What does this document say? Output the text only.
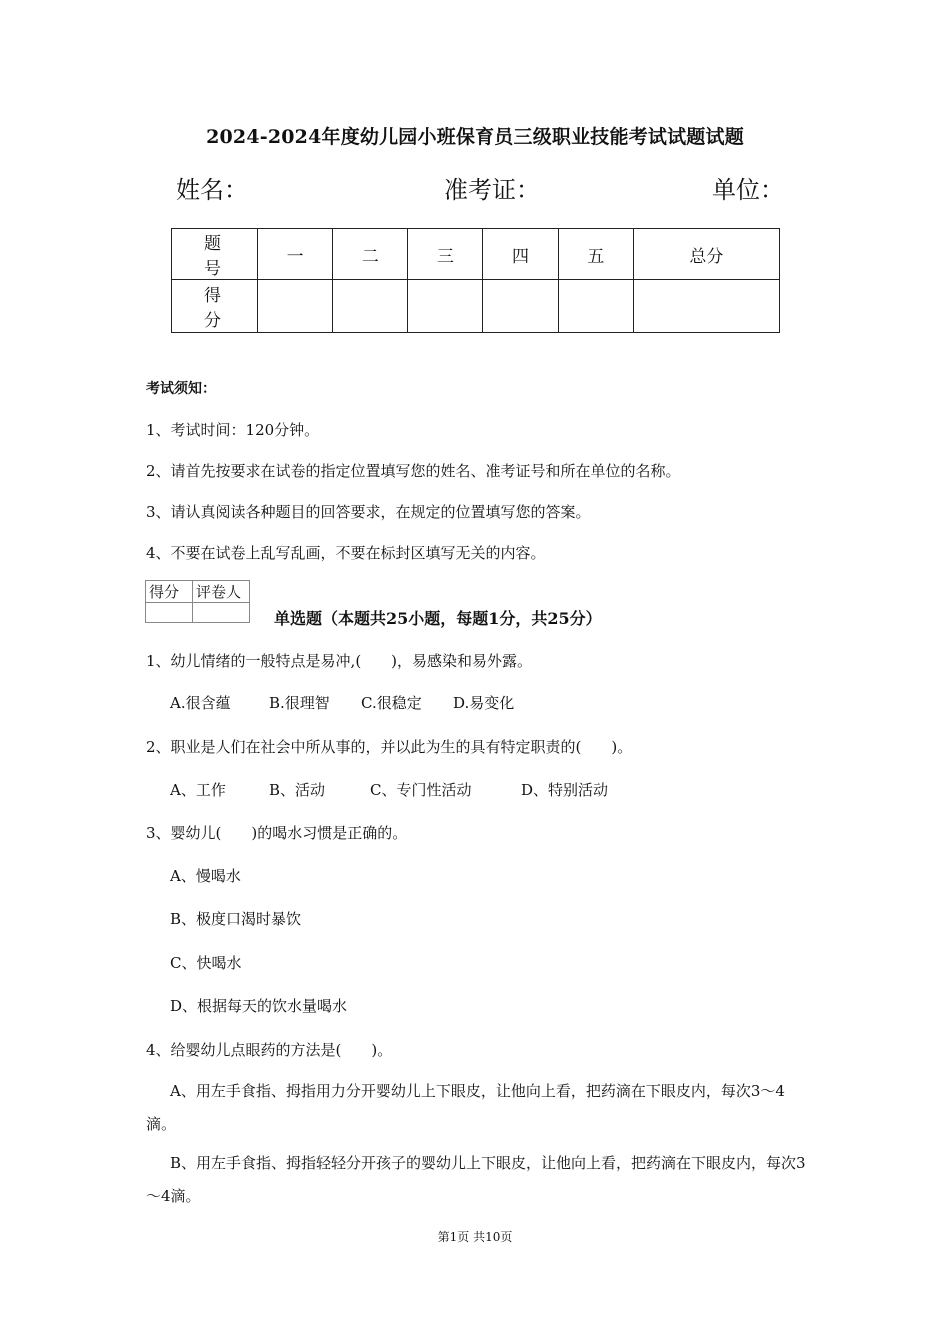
2024-2024年度幼儿园小班保育员三级职业技能考试试题试题
姓名：	准考证：	单位：
题　号	一	二	三	四	五	总分
得　分						
考试须知：
1、考试时间：120分钟。
2、请首先按要求在试卷的指定位置填写您的姓名、准考证号和所在单位的名称。
3、请认真阅读各种题目的回答要求，在规定的位置填写您的答案。
4、不要在试卷上乱写乱画，不要在标封区填写无关的内容。
得分	评卷人

单选题（本题共25小题，每题1分，共25分）
1、幼儿情绪的一般特点是易冲,(　　)，易感染和易外露。
A.很含蕴	B.很理智 C.很稳定 D.易变化
2、职业是人们在社会中所从事的，并以此为生的具有特定职责的(　　)。
A、工作	B、活动	C、专门性活动	D、特别活动
3、婴幼儿(　　)的喝水习惯是正确的。
A、慢喝水
B、极度口渴时暴饮
C、快喝水
D、根据每天的饮水量喝水
4、给婴幼儿点眼药的方法是(　　)。
A、用左手食指、拇指用力分开婴幼儿上下眼皮，让他向上看，把药滴在下眼皮内，每次3～4滴。
B、用左手食指、拇指轻轻分开孩子的婴幼儿上下眼皮，让他向上看，把药滴在下眼皮内，每次3～4滴。
第1页 共10页
